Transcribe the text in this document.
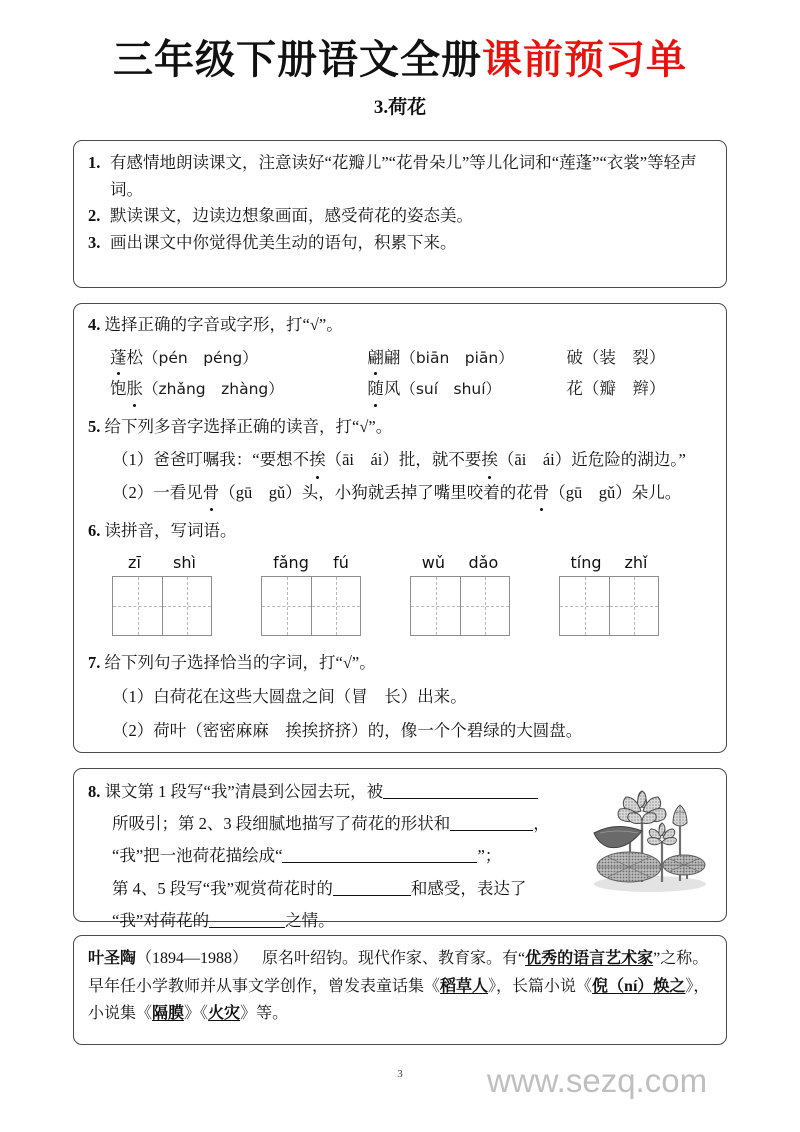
三年级下册语文全册课前预习单
3.荷花
1. 有感情地朗读课文，注意读好“花瓣儿”“花骨朵儿”等儿化词和“莲蓬”“衣裳”等轻声词。
2. 默读课文，边读边想象画面，感受荷花的姿态美。
3. 画出课文中你觉得优美生动的语句，积累下来。
4. 选择正确的字音或字形，打“√”。
蓬松（pén　péng）	翩翩（biān　piān）	破（装　裂）
饱胀（zhǎng　zhàng）	随风（suí　shuí）	花（瓣　辫）
5. 给下列多音字选择正确的读音，打“√”。
（1）爸爸叮嘱我：“要想不挨（āi　ái）批，就不要挨（āi　ái）近危险的湖边。”
（2）一看见骨（gū　gǔ）头，小狗就丢掉了嘴里咬着的花骨（gū　gǔ）朵儿。
6. 读拼音，写词语。
zī shì	fǎng fú	wǔ dǎo	tíng zhǐ
7. 给下列句子选择恰当的字词，打“√”。
（1）白荷花在这些大圆盘之间（冒　长）出来。
（2）荷叶（密密麻麻　挨挨挤挤）的，像一个个碧绿的大圆盘。
8. 课文第 1 段写“我”清晨到公园去玩，被
所吸引；第 2、3 段细腻地描写了荷花的形状和	，
“我”把一池荷花描绘成“	”；
第 4、5 段写“我”观赏荷花时的	和感受，表达了
“我”对荷花的	之情。
叶圣陶（1894—1988） 原名叶绍钧。现代作家、教育家。有“优秀的语言艺术家”之称。早年任小学教师并从事文学创作，曾发表童话集《稻草人》，长篇小说《倪（ní）焕之》，小说集《隔膜》《火灾》等。
3	www.sezq.com
